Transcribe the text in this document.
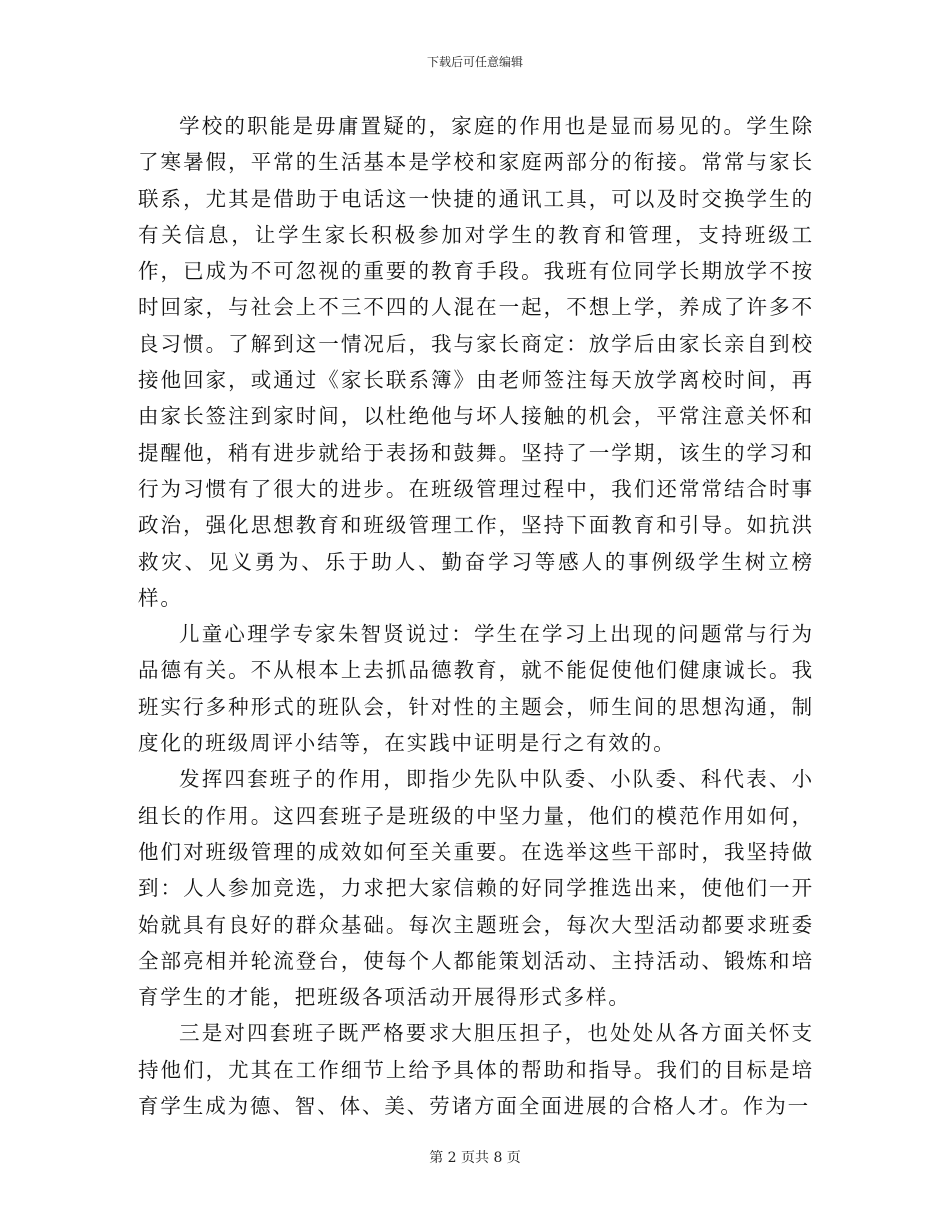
下载后可任意编辑

学校的职能是毋庸置疑的，家庭的作用也是显而易见的。学生除了寒暑假，平常的生活基本是学校和家庭两部分的衔接。常常与家长联系，尤其是借助于电话这一快捷的通讯工具，可以及时交换学生的有关信息，让学生家长积极参加对学生的教育和管理，支持班级工作，已成为不可忽视的重要的教育手段。我班有位同学长期放学不按时回家，与社会上不三不四的人混在一起，不想上学，养成了许多不良习惯。了解到这一情况后，我与家长商定：放学后由家长亲自到校接他回家，或通过《家长联系簿》由老师签注每天放学离校时间，再由家长签注到家时间，以杜绝他与坏人接触的机会，平常注意关怀和提醒他，稍有进步就给于表扬和鼓舞。坚持了一学期，该生的学习和行为习惯有了很大的进步。在班级管理过程中，我们还常常结合时事政治，强化思想教育和班级管理工作，坚持下面教育和引导。如抗洪救灾、见义勇为、乐于助人、勤奋学习等感人的事例级学生树立榜样。

儿童心理学专家朱智贤说过：学生在学习上出现的问题常与行为品德有关。不从根本上去抓品德教育，就不能促使他们健康诚长。我班实行多种形式的班队会，针对性的主题会，师生间的思想沟通，制度化的班级周评小结等，在实践中证明是行之有效的。

发挥四套班子的作用，即指少先队中队委、小队委、科代表、小组长的作用。这四套班子是班级的中坚力量，他们的模范作用如何，他们对班级管理的成效如何至关重要。在选举这些干部时，我坚持做到：人人参加竞选，力求把大家信赖的好同学推选出来，使他们一开始就具有良好的群众基础。每次主题班会，每次大型活动都要求班委全部亮相并轮流登台，使每个人都能策划活动、主持活动、锻炼和培育学生的才能，把班级各项活动开展得形式多样。

三是对四套班子既严格要求大胆压担子，也处处从各方面关怀支持他们，尤其在工作细节上给予具体的帮助和指导。我们的目标是培育学生成为德、智、体、美、劳诸方面全面进展的合格人才。作为一

第 2 页共 8 页
